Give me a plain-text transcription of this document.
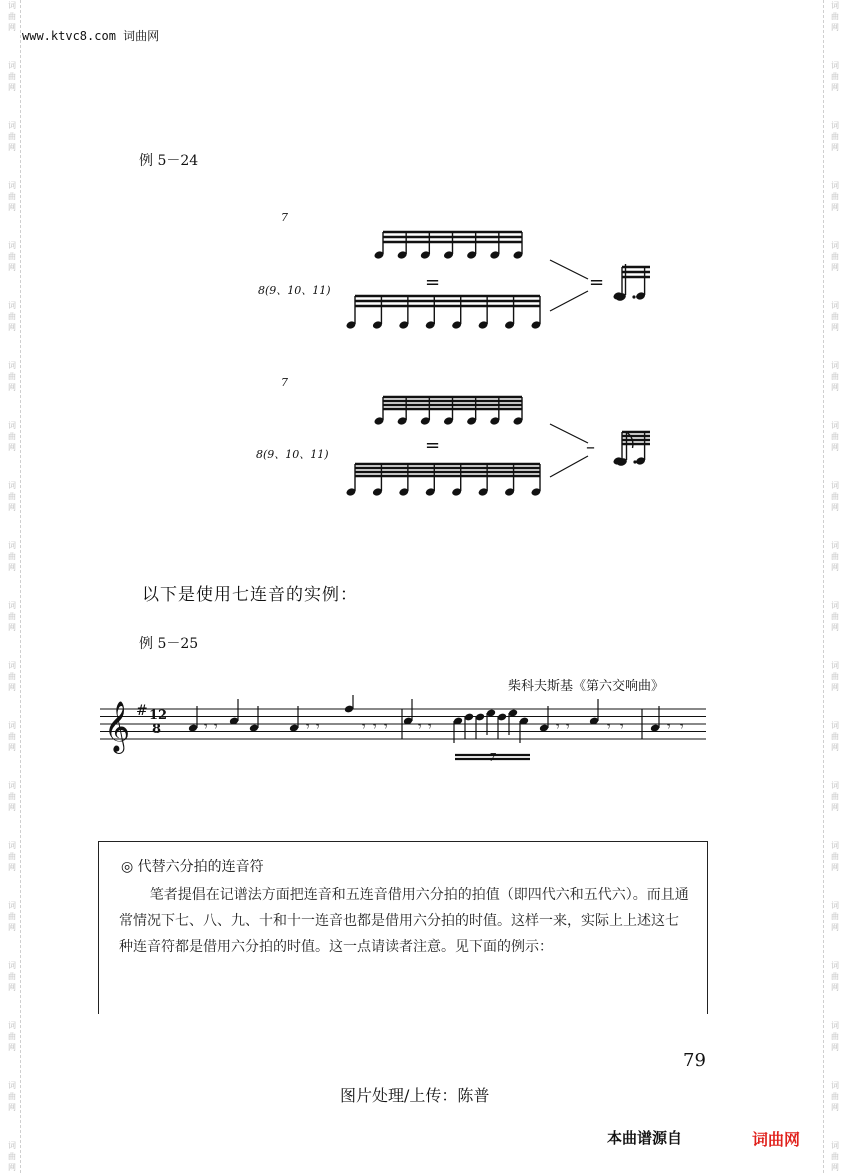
词
曲
网
词
曲
网
词
曲
网
词
曲
网
词
曲
网
词
曲
网
词
曲
网
词
曲
网
词
曲
网
词
曲
网
词
曲
网
词
曲
网
词
曲
网
词
曲
网
词
曲
网
词
曲
网
词
曲
网
词
曲
网
词
曲
网
词
曲
网
词
曲
网
词
曲
网
词
曲
网
词
曲
网
词
曲
网
词
曲
网
词
曲
网
词
曲
网
词
曲
网
词
曲
网
词
曲
网
词
曲
网
词
曲
网
词
曲
网
词
曲
网
词
曲
网
词
曲
网
词
曲
网
词
曲
网
词
曲
网
www.ktvc8.com 词曲网
例 5－24
7
8(9、10、11)	=	=
7
8(9、10、11)	=	–
以下是使用七连音的实例：
例 5－25
柴科夫斯基《第六交响曲》
𝄞 # 12
8	𝄾 𝄾	𝄾 𝄾	𝄾 𝄾 𝄾 𝄾 𝄾	𝄾 𝄾	𝄾 𝄾	𝄾 𝄾
7
◎ 代替六分拍的连音符
笔者提倡在记谱法方面把连音和五连音借用六分拍的拍值（即四代六和五代六）。而且通常情况下七、八、九、十和十一连音也都是借用六分拍的时值。这样一来，实际上上述这七种连音符都是借用六分拍的时值。这一点请读者注意。见下面的例示：
79
图片处理/上传：陈普
本曲谱源自	词曲网
